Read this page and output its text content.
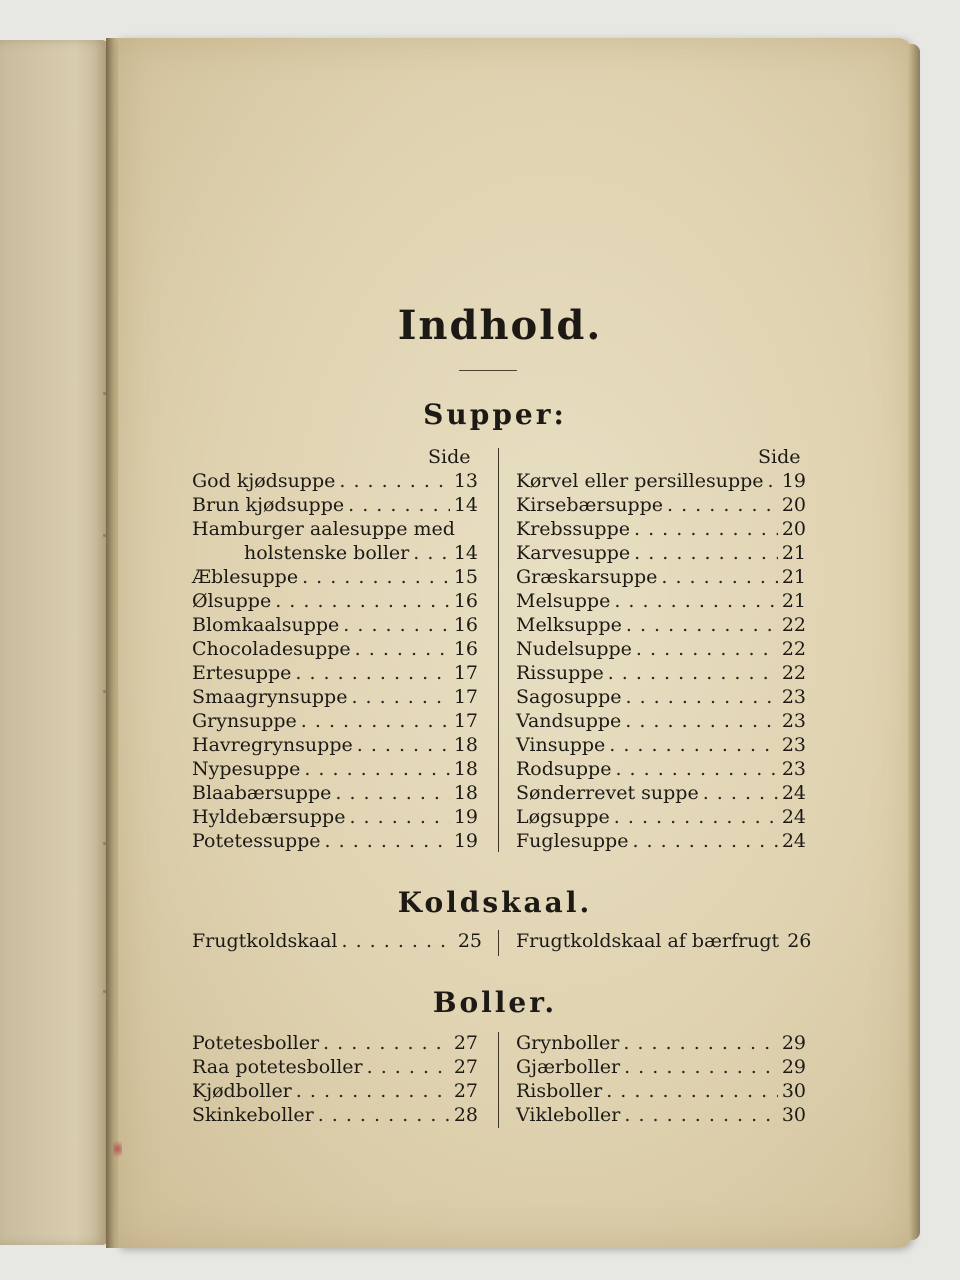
Indhold.
Supper:
Side	Side
God kjødsuppe . . .	13
Brun kjødsuppe . . .	14
Hamburger aalesuppe med
holstenske boller . . . 14
Æblesuppe . . .	15
Ølsuppe . . .	16
Blomkaalsuppe . . .	16
Chocoladesuppe . . .	16
Ertesuppe . . .	17
Smaagrynsuppe . . .	17
Grynsuppe . . .	17
Havregrynsuppe . . .	18
Nypesuppe . . .	18
Blaabærsuppe . . .	18
Hyldebærsuppe . . .	19
Potetessuppe . . .	19
Kørvel eller persillesuppe . . . 19
Kirsebærsuppe . . .	20
Krebssuppe . . .	20
Karvesuppe . . .	21
Græskarsuppe . . .	21
Melsuppe . . .	21
Melksuppe . . .	22
Nudelsuppe . . .	22
Rissuppe . . .	22
Sagosuppe . . .	23
Vandsuppe . . .	23
Vinsuppe . . .	23
Rodsuppe . . .	23
Sønderrevet suppe . . .	24
Løgsuppe . . .	24
Fuglesuppe . . .	24
Koldskaal.
Frugtkoldskaal . . .	25 Frugtkoldskaal af bærfrugt 26
Boller.
Potetesboller . . .	27
Raa potetesboller . . .	27
Kjødboller . . .	27
Skinkeboller . . .	28
Grynboller . . .	29
Gjærboller . . .	29
Risboller . . .	30
Vikleboller . . .	30
